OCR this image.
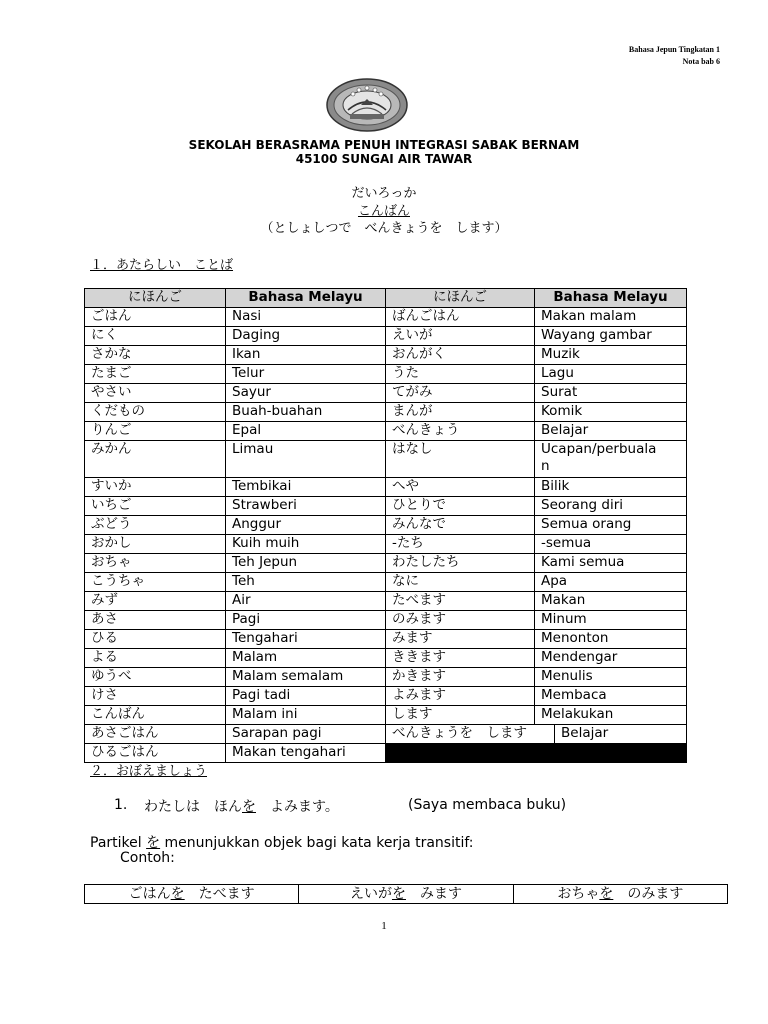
Bahasa Jepun Tingkatan 1
Nota bab 6
SEKOLAH BERASRAMA PENUH INTEGRASI SABAK BERNAM
45100 SUNGAI AIR TAWAR
だいろっか
こんばん
（としょしつで　べんきょうを　します）
１．あたらしい　ことば
にほんご	Bahasa Melayu	にほんご	Bahasa Melayu
ごはん	Nasi	ばんごはん	Makan malam
にく	Daging	えいが	Wayang gambar
さかな	Ikan	おんがく	Muzik
たまご	Telur	うた	Lagu
やさい	Sayur	てがみ	Surat
くだもの	Buah-buahan	まんが	Komik
りんご	Epal	べんきょう	Belajar
みかん	Limau	はなし	Ucapan/perbuala
n

すいか	Tembikai	へや	Bilik
いちご	Strawberi	ひとりで	Seorang diri
ぶどう	Anggur	みんなで	Semua orang
おかし	Kuih muih	-たち	-semua
おちゃ	Teh Jepun	わたしたち	Kami semua
こうちゃ	Teh	なに	Apa
みず	Air	たべます	Makan
あさ	Pagi	のみます	Minum
ひる	Tengahari	みます	Menonton
よる	Malam	ききます	Mendengar
ゆうべ	Malam semalam	かきます	Menulis
けさ	Pagi tadi	よみます	Membaca
こんばん	Malam ini	します	Melakukan
あさごはん	Sarapan pagi	べんきょうを　します Belajar	

ひるごはん	Makan tengahari		
２．おぼえましょう
1. わたしは　ほんを　よみます。	(Saya membaca buku)
Partikel を menunjukkan objek bagi kata kerja transitif:
Contoh:
ごはんを　たべます	えいがを　みます	おちゃを　のみます
1
